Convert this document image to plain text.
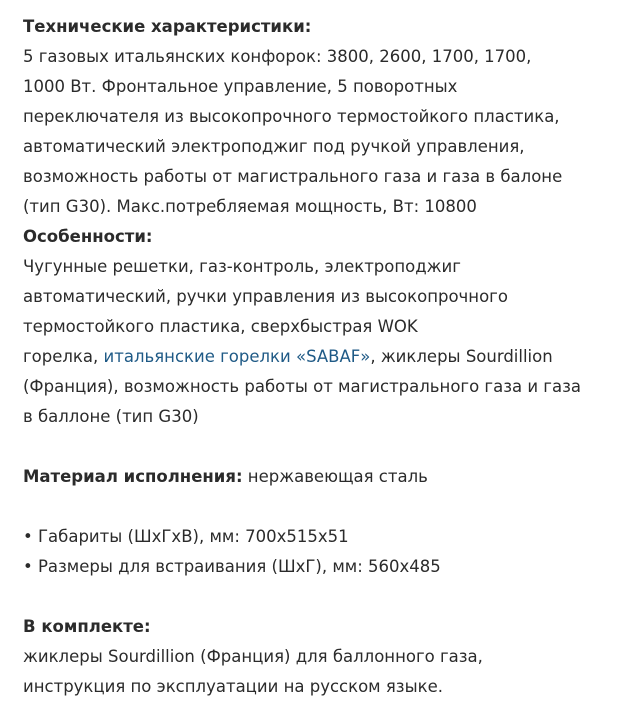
Технические характеристики:
5 газовых итальянских конфорок: 3800, 2600, 1700, 1700,
1000 Вт. Фронтальное управление, 5 поворотных
переключателя из высокопрочного термостойкого пластика,
автоматический электроподжиг под ручкой управления,
возможность работы от магистрального газа и газа в балоне
(тип G30). Макс.потребляемая мощность, Вт: 10800
Особенности:
Чугунные решетки, газ-контроль, электроподжиг
автоматический, ручки управления из высокопрочного
термостойкого пластика, сверхбыстрая WOK
горелка, итальянские горелки «SABAF», жиклеры Sourdillion
(Франция), возможность работы от магистрального газа и газа
в баллоне (тип G30)
Материал исполнения: нержавеющая сталь
• Габариты (ШхГхВ), мм: 700x515x51
• Размеры для встраивания (ШхГ), мм: 560x485
В комплекте:
жиклеры Sourdillion (Франция) для баллонного газа,
инструкция по эксплуатации на русском языке.
